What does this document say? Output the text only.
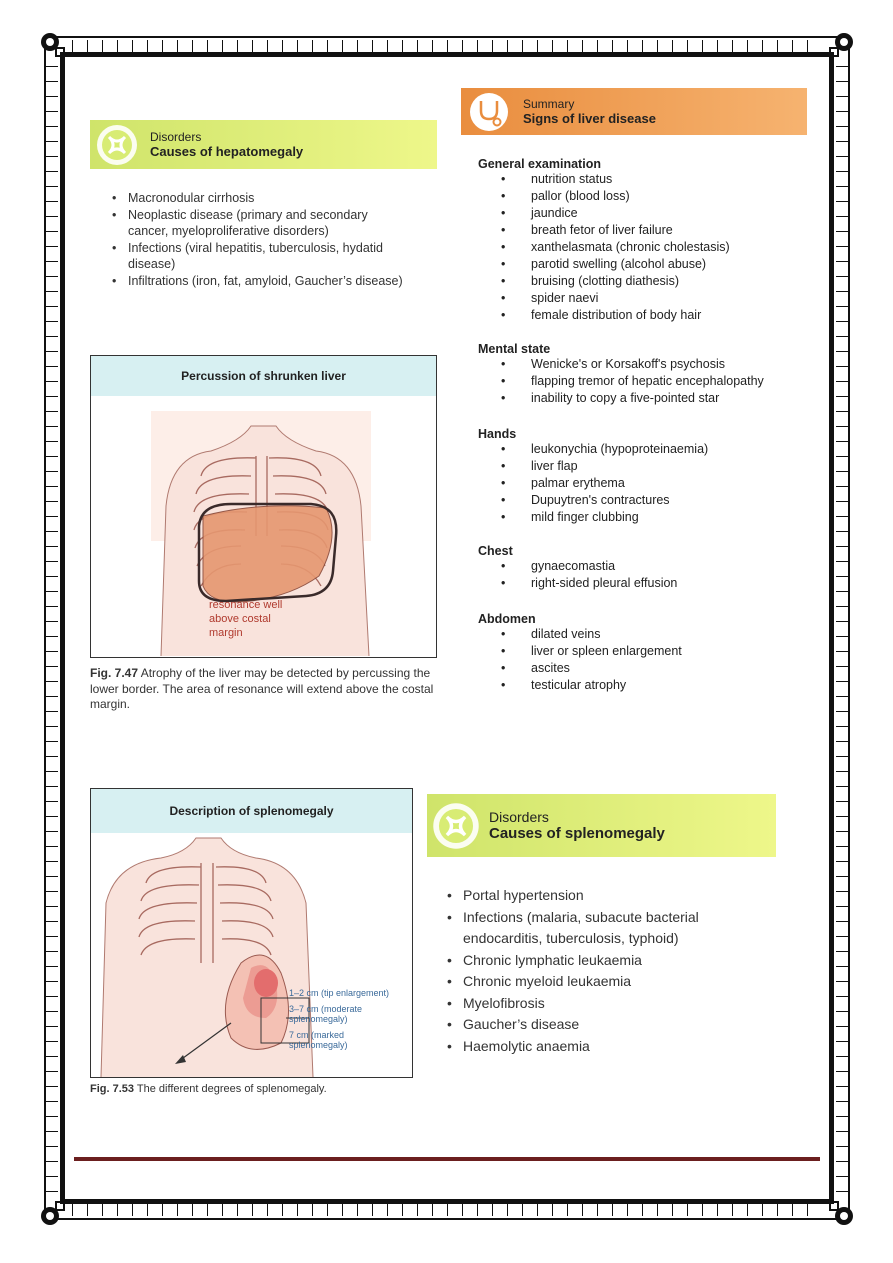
Disorders
Causes of hepatomegaly
• Macronodular cirrhosis
• Neoplastic disease (primary and secondary cancer, myeloproliferative disorders)
• Infections (viral hepatitis, tuberculosis, hydatid disease)
• Infiltrations (iron, fat, amyloid, Gaucher’s disease)
Summary
Signs of liver disease
General examination
• nutrition status
• pallor (blood loss)
• jaundice
• breath fetor of liver failure
• xanthelasmata (chronic cholestasis)
• parotid swelling (alcohol abuse)
• bruising (clotting diathesis)
• spider naevi
• female distribution of body hair
Mental state
• Wenicke's or Korsakoff's psychosis
• flapping tremor of hepatic encephalopathy
• inability to copy a five-pointed star
Hands
• leukonychia (hypoproteinaemia)
• liver flap
• palmar erythema
• Dupuytren's contractures
• mild finger clubbing
Chest
• gynaecomastia
• right-sided pleural effusion
Abdomen
• dilated veins
• liver or spleen enlargement
• ascites
• testicular atrophy
Percussion of shrunken liver
resonance well
above costal
margin
Fig. 7.47 Atrophy of the liver may be detected by percussing the lower border. The area of resonance will extend above the costal margin.
Description of splenomegaly
1–2 cm (tip enlargement)
3–7 cm (moderate
splenomegaly)
7 cm (marked
splenomegaly)
Fig. 7.53 The different degrees of splenomegaly.
Disorders
Causes of splenomegaly
• Portal hypertension
• Infections (malaria, subacute bacterial endocarditis, tuberculosis, typhoid)
• Chronic lymphatic leukaemia
• Chronic myeloid leukaemia
• Myelofibrosis
• Gaucher’s disease
• Haemolytic anaemia
